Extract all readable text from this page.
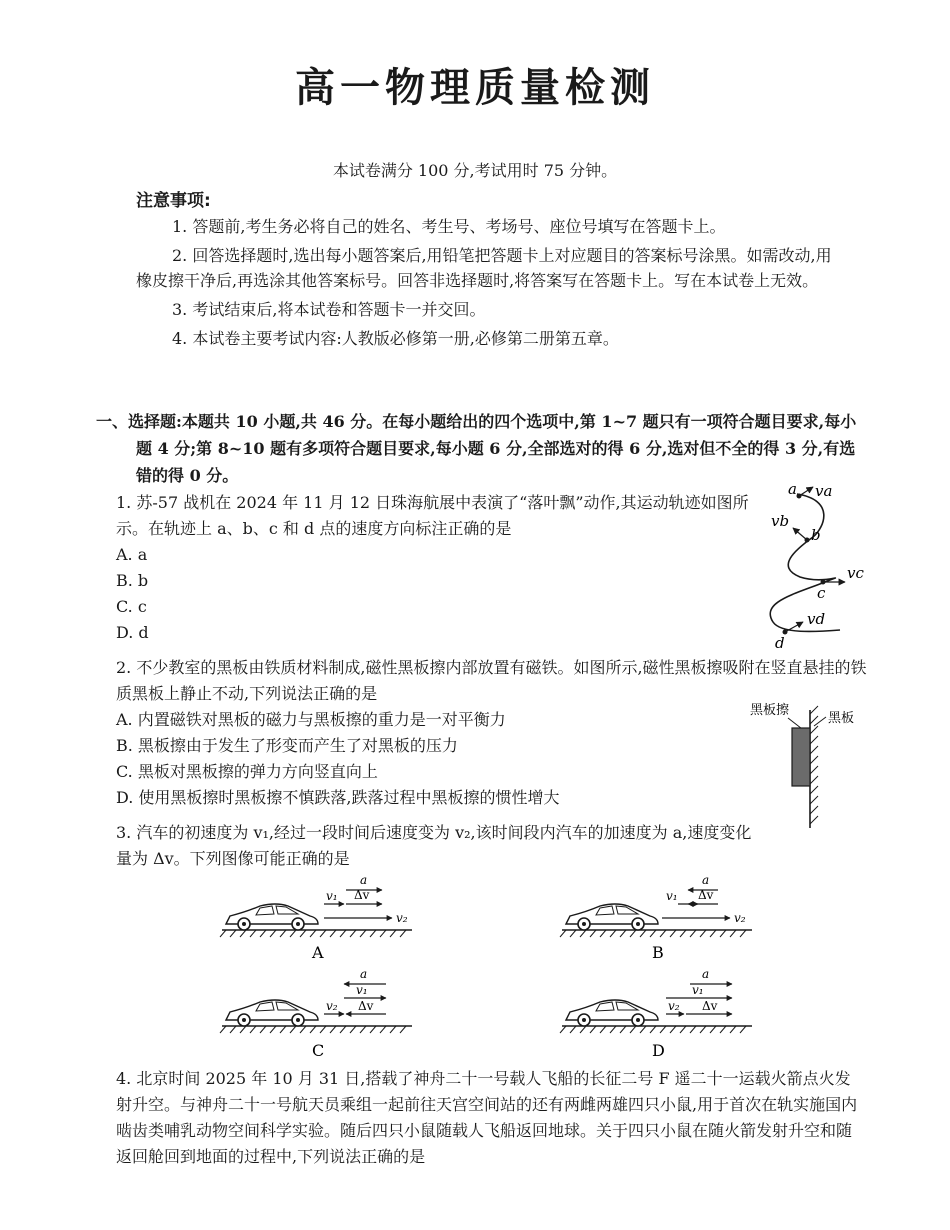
高一物理质量检测

本试卷满分 100 分,考试用时 75 分钟。

注意事项:

1. 答题前,考生务必将自己的姓名、考生号、考场号、座位号填写在答题卡上。

2. 回答选择题时,选出每小题答案后,用铅笔把答题卡上对应题目的答案标号涂黑。如需改动,用橡皮擦干净后,再选涂其他答案标号。回答非选择题时,将答案写在答题卡上。写在本试卷上无效。

3. 考试结束后,将本试卷和答题卡一并交回。

4. 本试卷主要考试内容:人教版必修第一册,必修第二册第五章。

一、选择题:本题共 10 小题,共 46 分。在每小题给出的四个选项中,第 1~7 题只有一项符合题目要求,每小题 4 分;第 8~10 题有多项符合题目要求,每小题 6 分,全部选对的得 6 分,选对但不全的得 3 分,有选错的得 0 分。

1. 苏-57 战机在 2024 年 11 月 12 日珠海航展中表演了“落叶飘”动作,其运动轨迹如图所示。在轨迹上 a、b、c 和 d 点的速度方向标注正确的是

A. a

B. b

C. c

D. d

a va
b
vb
c
vc
d
vd

2. 不少教室的黑板由铁质材料制成,磁性黑板擦内部放置有磁铁。如图所示,磁性黑板擦吸附在竖直悬挂的铁质黑板上静止不动,下列说法正确的是

A. 内置磁铁对黑板的磁力与黑板擦的重力是一对平衡力

B. 黑板擦由于发生了形变而产生了对黑板的压力

C. 黑板对黑板擦的弹力方向竖直向上

D. 使用黑板擦时黑板擦不慎跌落,跌落过程中黑板擦的惯性增大

黑板擦
黑板

3. 汽车的初速度为 v₁,经过一段时间后速度变为 v₂,该时间段内汽车的加速度为 a,速度变化量为 Δv。下列图像可能正确的是

v₁
a
Δv
v₂
A
v₁
a
Δv
v₂
B
a
v₁
v₂ Δv
C
a
v₁
v₂ Δv
D

4. 北京时间 2025 年 10 月 31 日,搭载了神舟二十一号载人飞船的长征二号 F 遥二十一运载火箭点火发射升空。与神舟二十一号航天员乘组一起前往天宫空间站的还有两雌两雄四只小鼠,用于首次在轨实施国内啮齿类哺乳动物空间科学实验。随后四只小鼠随载人飞船返回地球。关于四只小鼠在随火箭发射升空和随返回舱回到地面的过程中,下列说法正确的是
